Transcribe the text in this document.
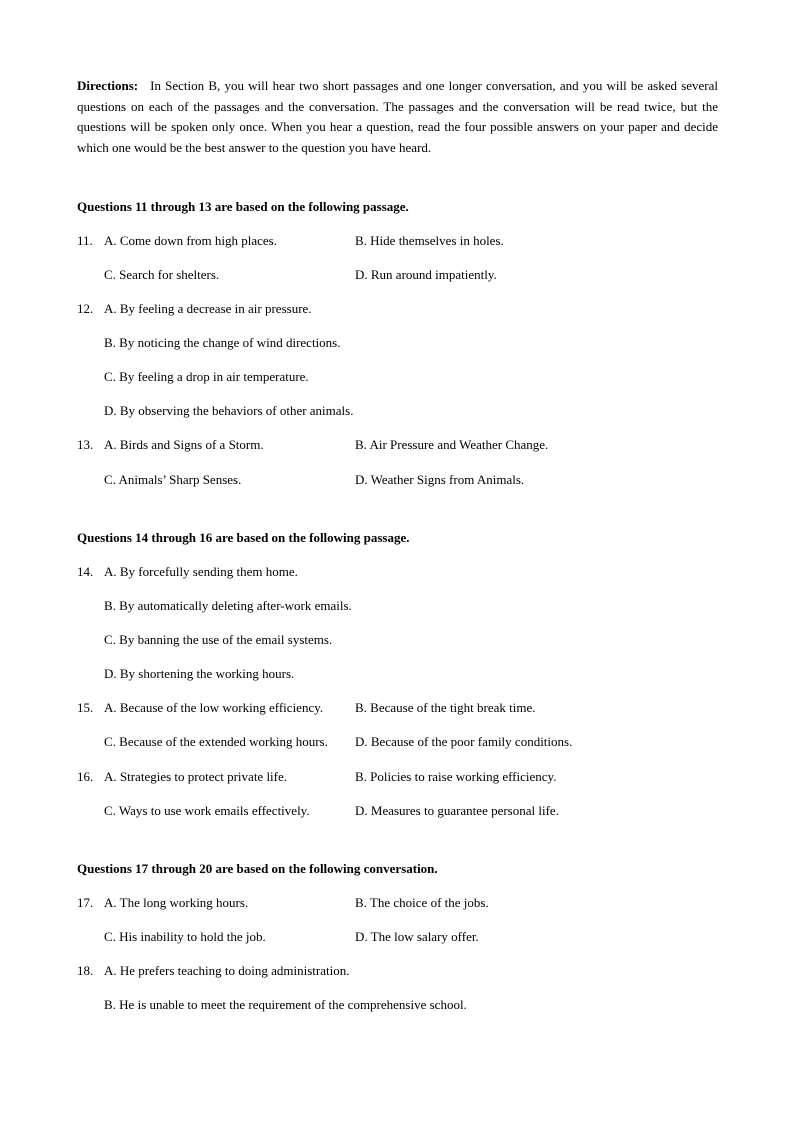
Directions: In Section B, you will hear two short passages and one longer conversation, and you will be asked several questions on each of the passages and the conversation. The passages and the conversation will be read twice, but the questions will be spoken only once. When you hear a question, read the four possible answers on your paper and decide which one would be the best answer to the question you have heard.

Questions 11 through 13 are based on the following passage.
11. A. Come down from high places.	B. Hide themselves in holes.
C. Search for shelters.	D. Run around impatiently.
12. A. By feeling a decrease in air pressure.
B. By noticing the change of wind directions.
C. By feeling a drop in air temperature.
D. By observing the behaviors of other animals.
13. A. Birds and Signs of a Storm.	B. Air Pressure and Weather Change.
C. Animals’ Sharp Senses.	D. Weather Signs from Animals.
Questions 14 through 16 are based on the following passage.
14. A. By forcefully sending them home.
B. By automatically deleting after-work emails.
C. By banning the use of the email systems.
D. By shortening the working hours.
15. A. Because of the low working efficiency. B. Because of the tight break time.
C. Because of the extended working hours. D. Because of the poor family conditions.
16. A. Strategies to protect private life.	B. Policies to raise working efficiency.
C. Ways to use work emails effectively.	D. Measures to guarantee personal life.
Questions 17 through 20 are based on the following conversation.
17. A. The long working hours.	B. The choice of the jobs.
C. His inability to hold the job.	D. The low salary offer.
18. A. He prefers teaching to doing administration.
B. He is unable to meet the requirement of the comprehensive school.
